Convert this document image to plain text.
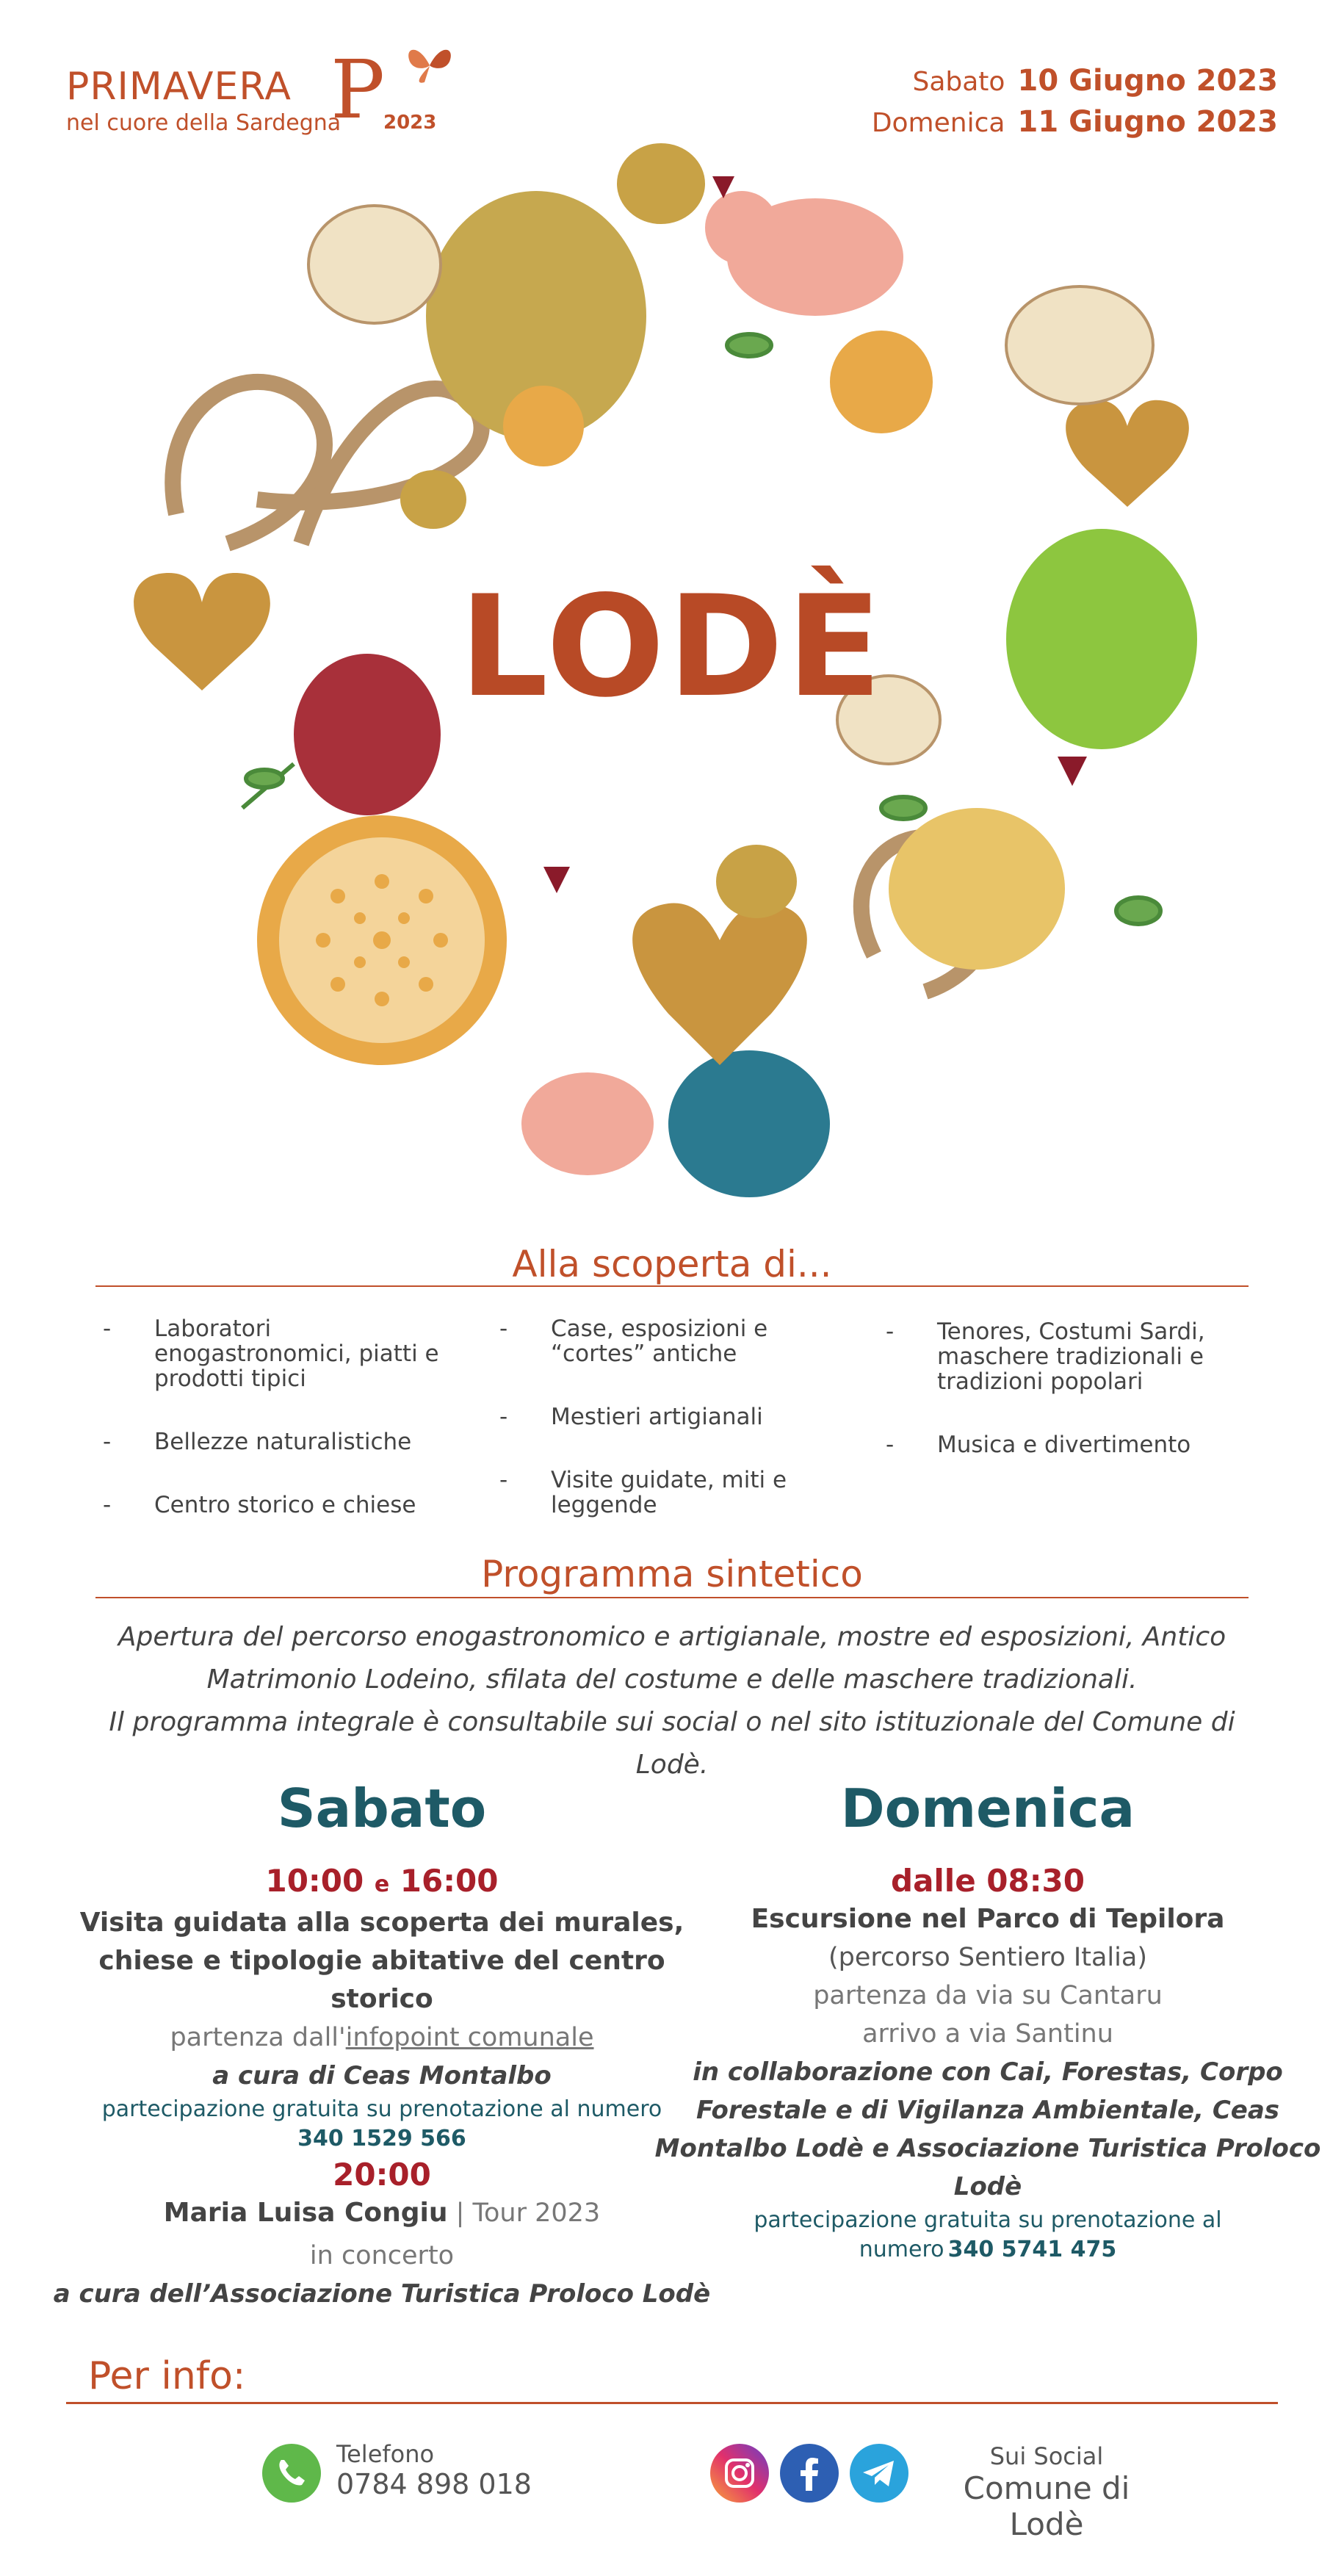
PRIMAVERA
nel cuore della Sardegna
P
2023
Sabato 10 Giugno 2023
Domenica 11 Giugno 2023
LODÈ
Alla scoperta di...
- Laboratori enogastronomici, piatti e prodotti tipici
- Bellezze naturalistiche
- Centro storico e chiese
- Case, esposizioni e “cortes” antiche
- Mestieri artigianali
- Visite guidate, miti e leggende
- Tenores, Costumi Sardi, maschere tradizionali e tradizioni popolari
- Musica e divertimento
Programma sintetico
Apertura del percorso enogastronomico e artigianale, mostre ed esposizioni, Antico
Matrimonio Lodeino, sfilata del costume e delle maschere tradizionali.
Il programma integrale è consultabile sui social o nel sito istituzionale del Comune di Lodè.
Sabato
10:00 e 16:00
Visita guidata alla scoperta dei murales,
chiese e tipologie abitative del centro storico
partenza dall'infopoint comunale
a cura di Ceas Montalbo
partecipazione gratuita su prenotazione al numero
340 1529 566
20:00
Maria Luisa Congiu | Tour 2023
in concerto
a cura dell’Associazione Turistica Proloco Lodè
Domenica
dalle 08:30
Escursione nel Parco di Tepilora
(percorso Sentiero Italia)
partenza da via su Cantaru
arrivo a via Santinu
in collaborazione con Cai, Forestas, Corpo
Forestale e di Vigilanza Ambientale, Ceas
Montalbo Lodè e Associazione Turistica Proloco
Lodè
partecipazione gratuita su prenotazione al
numero 340 5741 475
Per info:
Telefono
0784 898 018
Sui Social
Comune di Lodè
